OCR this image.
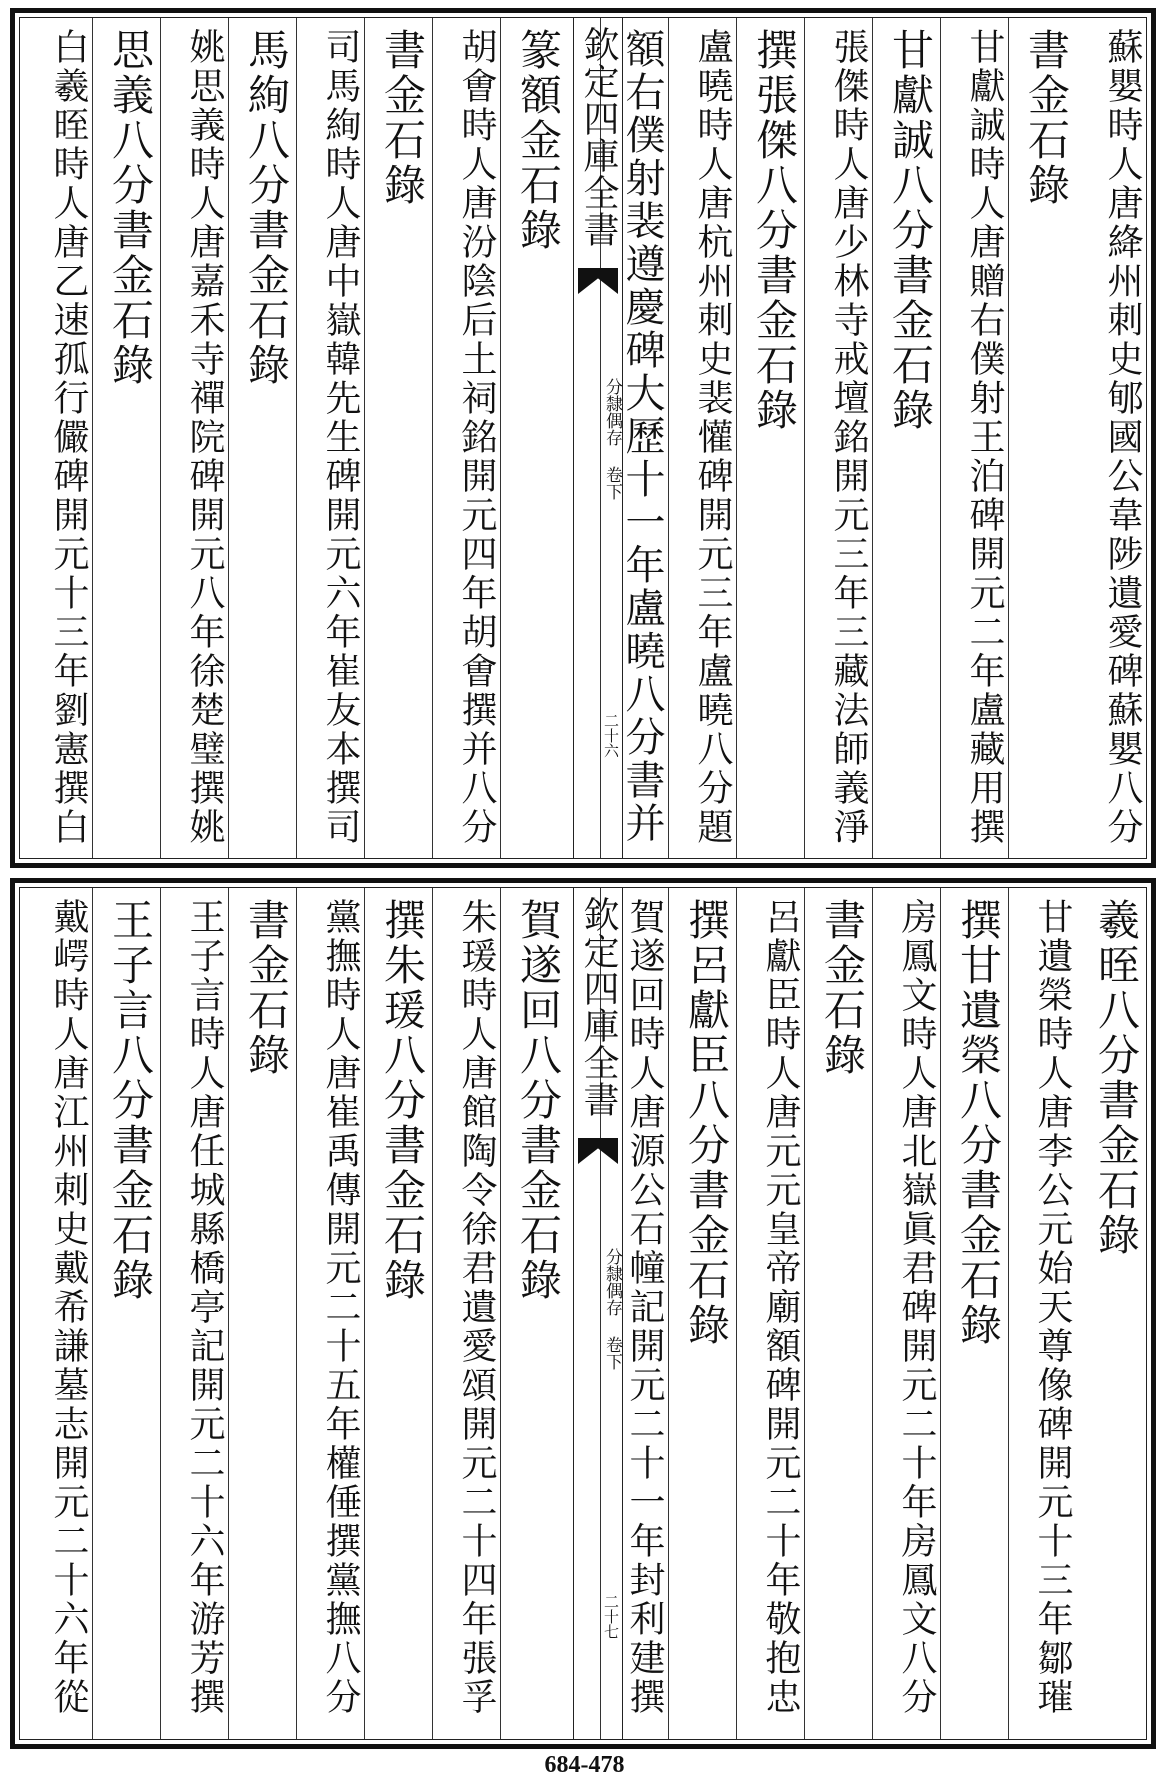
蘇嬰時人唐絳州刺史郇國公韋陟遺愛碑蘇嬰八分
書金石錄
甘獻誠時人唐贈右僕射王泊碑開元二年盧藏用撰
甘獻誠八分書金石錄
張傑時人唐少林寺戒壇銘開元三年三藏法師義淨
撰張傑八分書金石錄
盧曉時人唐杭州刺史裴懽碑開元三年盧曉八分題
額右僕射裴遵慶碑大歷十一年盧曉八分書并
欽定四庫全書
分隸偶存 卷下
二十六
篆額金石錄
胡㑹時人唐汾陰后土祠銘開元四年胡㑹撰并八分
書金石錄
司馬絢時人唐中嶽韓先生碑開元六年崔友本撰司
馬絢八分書金石錄
姚思義時人唐嘉禾寺禪院碑開元八年徐楚璧撰姚
思義八分書金石錄
白羲晊時人唐乙速孤行儼碑開元十三年劉憲撰白
羲晊八分書金石錄
甘遺榮時人唐李公元始天尊像碑開元十三年鄒璀
撰甘遺榮八分書金石錄
房鳳文時人唐北嶽眞君碑開元二十年房鳳文八分
書金石錄
呂獻臣時人唐元元皇帝廟額碑開元二十年敬抱忠
撰呂獻臣八分書金石錄
賀遂回時人唐源公石幢記開元二十一年封利建撰
欽定四庫全書
分隸偶存 卷下
二十七
賀遂回八分書金石錄
朱瑗時人唐館陶令徐君遺愛頌開元二十四年張孚
撰朱瑗八分書金石錄
黨撫時人唐崔禹傳開元二十五年權倕撰黨撫八分
書金石錄
王子言時人唐任城縣橋亭記開元二十六年游芳撰
王子言八分書金石錄
戴崿時人唐江州刺史戴希謙墓志開元二十六年從
684-478
